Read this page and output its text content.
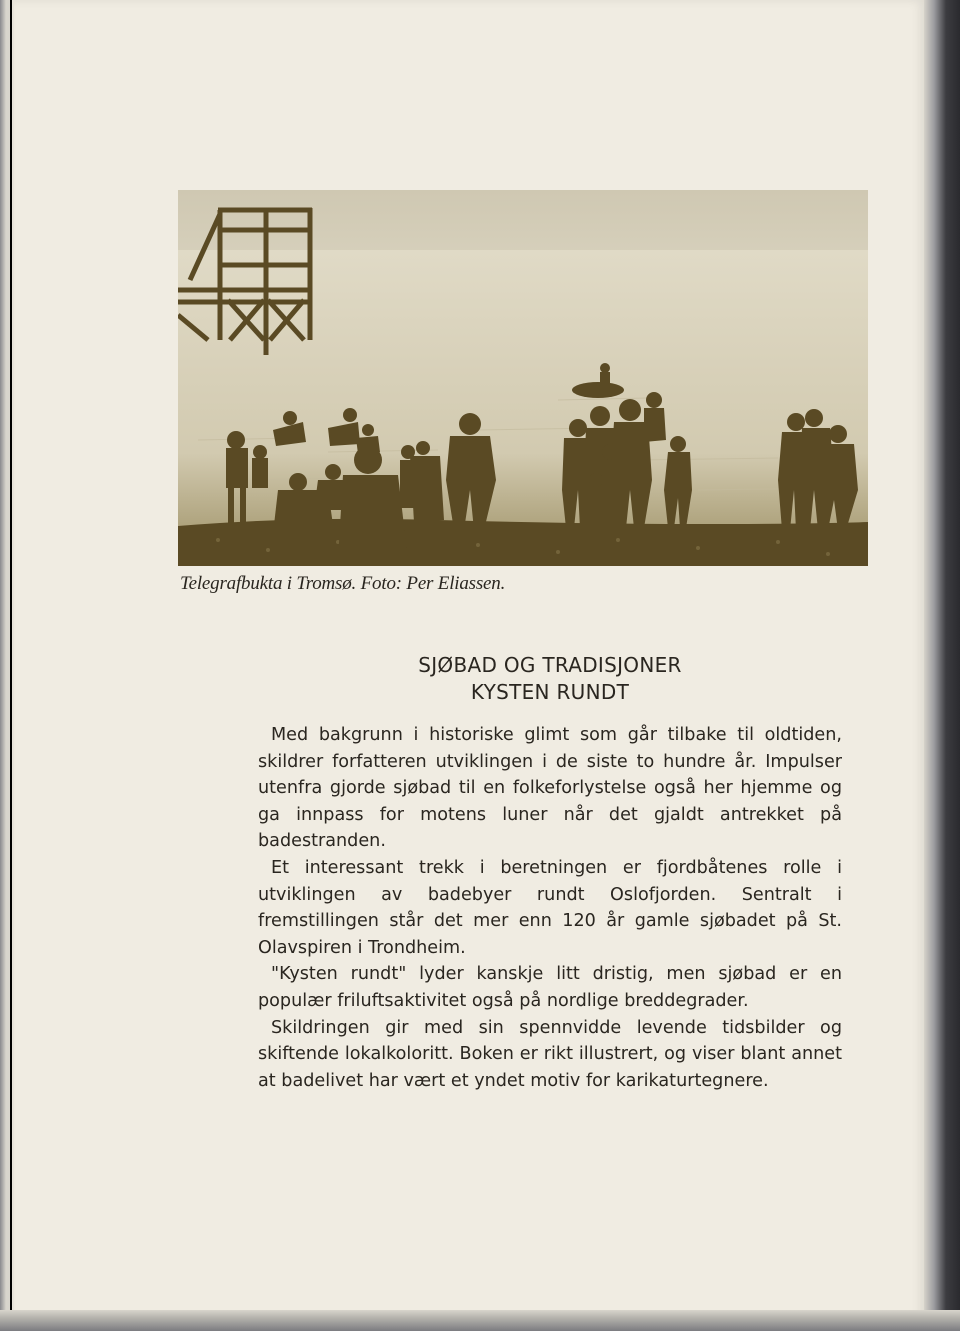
Telegrafbukta i Tromsø. Foto: Per Eliassen.
SJØBAD OG TRADISJONER
KYSTEN RUNDT

Med bakgrunn i historiske glimt som går tilbake til oldtiden, skildrer forfatteren utviklingen i de siste to hundre år. Impulser utenfra gjorde sjøbad til en folkeforlystelse også her hjemme og ga innpass for motens luner når det gjaldt antrekket på badestranden.

Et interessant trekk i beretningen er fjordbåtenes rolle i utviklingen av badebyer rundt Oslofjorden. Sentralt i fremstillingen står det mer enn 120 år gamle sjøbadet på St. Olavspiren i Trondheim.

"Kysten rundt" lyder kanskje litt dristig, men sjøbad er en populær friluftsaktivitet også på nordlige breddegrader.

Skildringen gir med sin spennvidde levende tidsbilder og skiftende lokalkoloritt. Boken er rikt illustrert, og viser blant annet at badelivet har vært et yndet motiv for karikaturtegnere.
